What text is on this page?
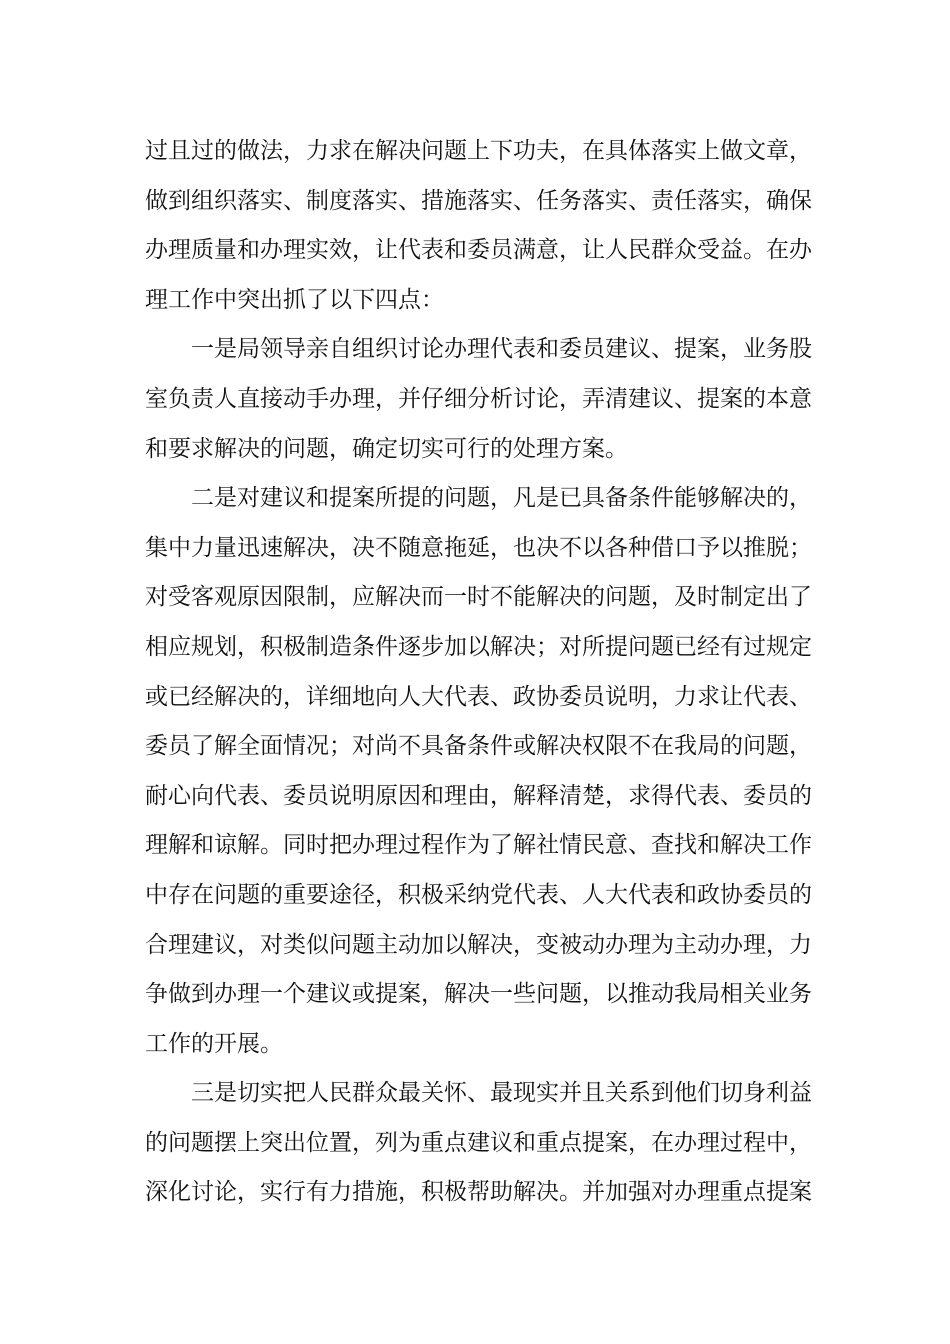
过且过的做法，力求在解决问题上下功夫，在具体落实上做文章，
做到组织落实、制度落实、措施落实、任务落实、责任落实，确保
办理质量和办理实效，让代表和委员满意，让人民群众受益。在办
理工作中突出抓了以下四点：
一是局领导亲自组织讨论办理代表和委员建议、提案，业务股
室负责人直接动手办理，并仔细分析讨论，弄清建议、提案的本意
和要求解决的问题，确定切实可行的处理方案。
二是对建议和提案所提的问题，凡是已具备条件能够解决的，
集中力量迅速解决，决不随意拖延，也决不以各种借口予以推脱；
对受客观原因限制，应解决而一时不能解决的问题，及时制定出了
相应规划，积极制造条件逐步加以解决；对所提问题已经有过规定
或已经解决的，详细地向人大代表、政协委员说明，力求让代表、
委员了解全面情况；对尚不具备条件或解决权限不在我局的问题，
耐心向代表、委员说明原因和理由，解释清楚，求得代表、委员的
理解和谅解。同时把办理过程作为了解社情民意、查找和解决工作
中存在问题的重要途径，积极采纳党代表、人大代表和政协委员的
合理建议，对类似问题主动加以解决，变被动办理为主动办理，力
争做到办理一个建议或提案，解决一些问题，以推动我局相关业务
工作的开展。
三是切实把人民群众最关怀、最现实并且关系到他们切身利益
的问题摆上突出位置，列为重点建议和重点提案，在办理过程中，
深化讨论，实行有力措施，积极帮助解决。并加强对办理重点提案
